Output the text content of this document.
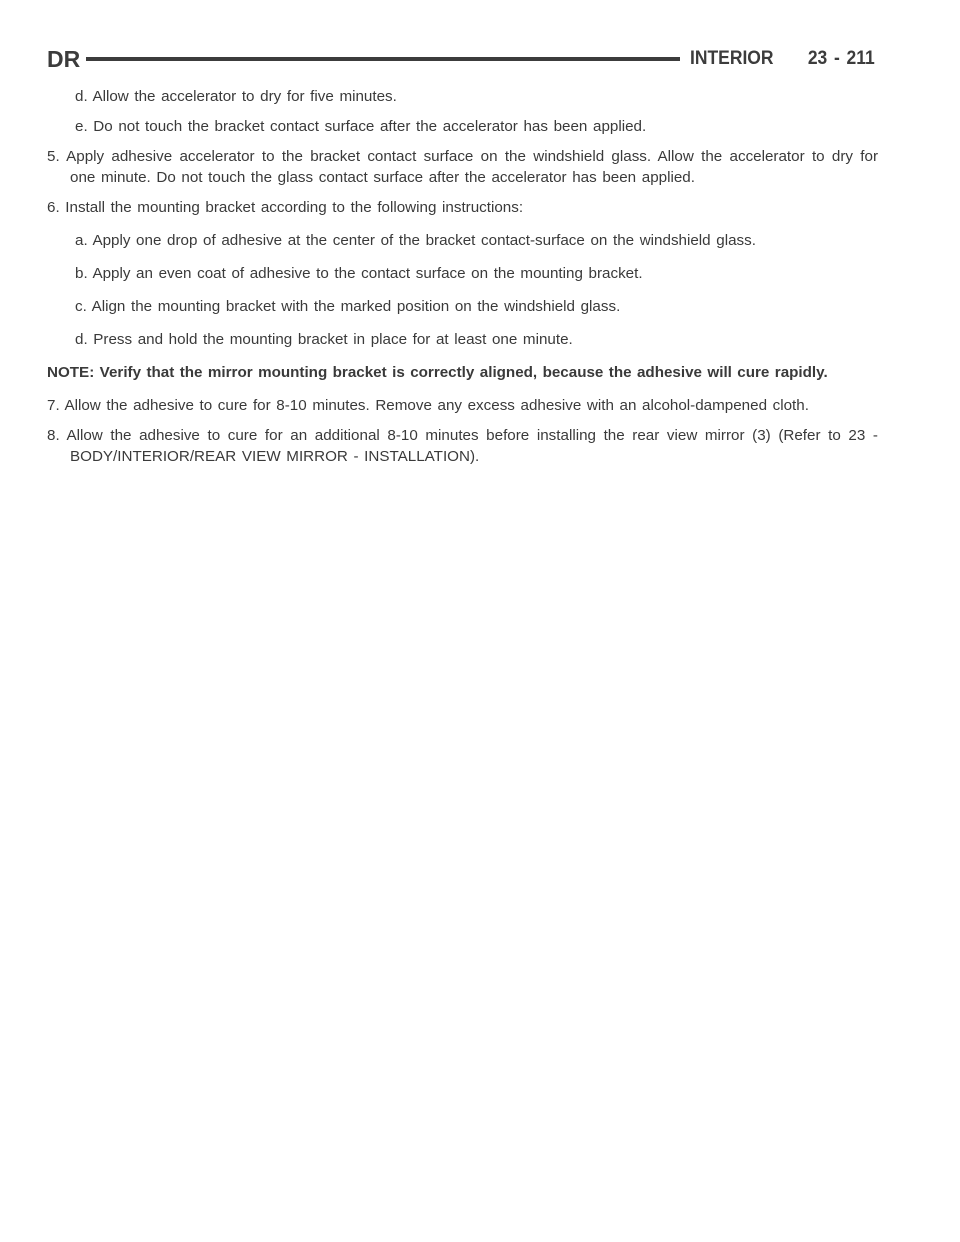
DR	INTERIOR 23 - 211

d. Allow the accelerator to dry for five minutes.

e. Do not touch the bracket contact surface after the accelerator has been applied.

5. Apply adhesive accelerator to the bracket contact surface on the windshield glass. Allow the accelerator to dry for one minute. Do not touch the glass contact surface after the accelerator has been applied.

6. Install the mounting bracket according to the following instructions:

a. Apply one drop of adhesive at the center of the bracket contact-surface on the windshield glass.

b. Apply an even coat of adhesive to the contact surface on the mounting bracket.

c. Align the mounting bracket with the marked position on the windshield glass.

d. Press and hold the mounting bracket in place for at least one minute.

NOTE: Verify that the mirror mounting bracket is correctly aligned, because the adhesive will cure rapidly.

7. Allow the adhesive to cure for 8-10 minutes. Remove any excess adhesive with an alcohol-dampened cloth.

8. Allow the adhesive to cure for an additional 8-10 minutes before installing the rear view mirror (3) (Refer to 23 - BODY/INTERIOR/REAR VIEW MIRROR - INSTALLATION).
